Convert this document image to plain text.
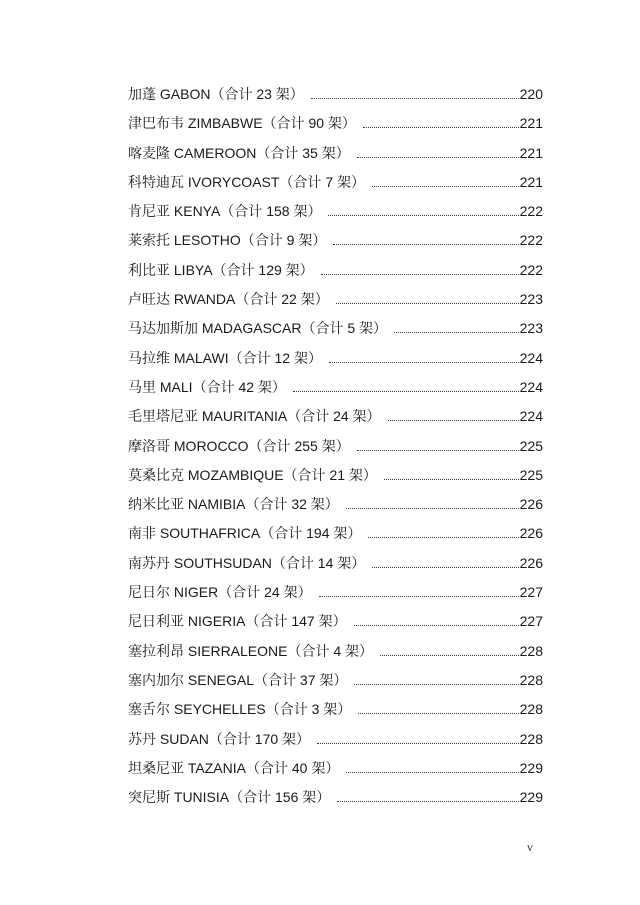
加蓬 GABON（合计 23 架）	220
津巴布韦 ZIMBABWE（合计 90 架）	221
喀麦隆 CAMEROON（合计 35 架）	221
科特迪瓦 IVORYCOAST（合计 7 架）	221
肯尼亚 KENYA（合计 158 架）	222
莱索托 LESOTHO（合计 9 架）	222
利比亚 LIBYA（合计 129 架）	222
卢旺达 RWANDA（合计 22 架）	223
马达加斯加 MADAGASCAR（合计 5 架）	223
马拉维 MALAWI（合计 12 架）	224
马里 MALI（合计 42 架）	224
毛里塔尼亚 MAURITANIA（合计 24 架）	224
摩洛哥 MOROCCO（合计 255 架）	225
莫桑比克 MOZAMBIQUE（合计 21 架）	225
纳米比亚 NAMIBIA（合计 32 架）	226
南非 SOUTHAFRICA（合计 194 架）	226
南苏丹 SOUTHSUDAN（合计 14 架）	226
尼日尔 NIGER（合计 24 架）	227
尼日利亚 NIGERIA（合计 147 架）	227
塞拉利昂 SIERRALEONE（合计 4 架）	228
塞内加尔 SENEGAL（合计 37 架）	228
塞舌尔 SEYCHELLES（合计 3 架）	228
苏丹 SUDAN（合计 170 架）	228
坦桑尼亚 TAZANIA（合计 40 架）	229
突尼斯 TUNISIA（合计 156 架）	229
v
